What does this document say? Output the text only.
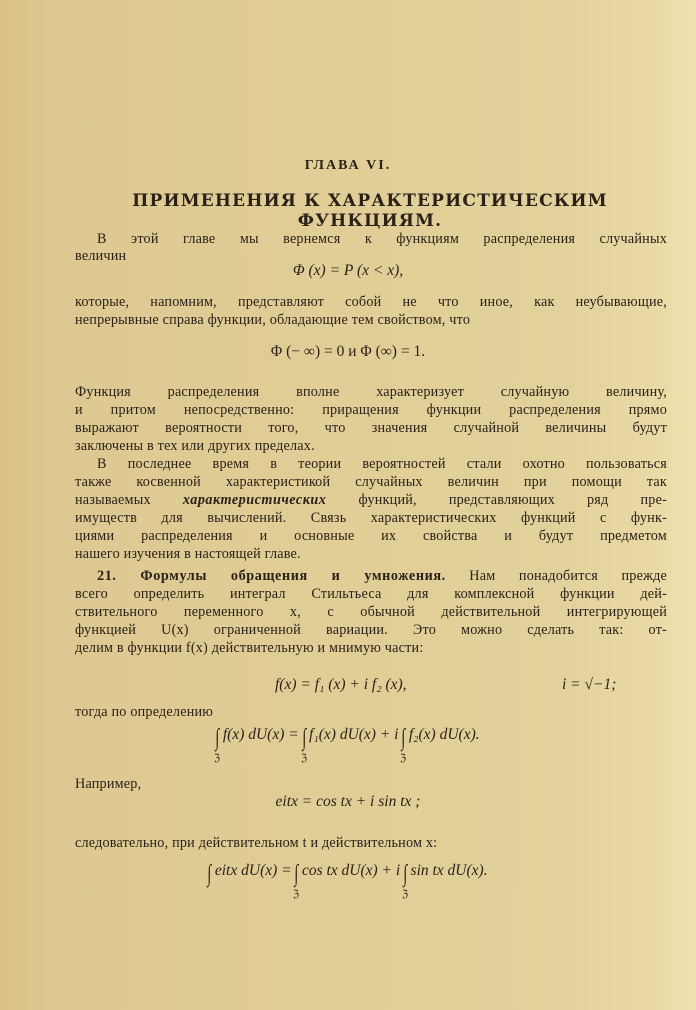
ГЛАВА VI.
ПРИМЕНЕНИЯ К ХАРАКТЕРИСТИЧЕСКИМ ФУНКЦИЯМ.
В этой главе мы вернемся к функциям распределения случайных
величин
Φ (x) = P (x < x),
которые, напомним, представляют собой не что иное, как неубывающие,
непрерывные справа функции, обладающие тем свойством, что
Φ (− ∞) = 0 и Φ (∞) = 1.
Функция распределения вполне характеризует случайную величину,
и притом непосредственно: приращения функции распределения прямо
выражают вероятности того, что значения случайной величины будут
заключены в тех или других пределах.
В последнее время в теории вероятностей стали охотно пользоваться
также косвенной характеристикой случайных величин при помощи так
называемых характеристических функций, представляющих ряд пре-
имуществ для вычислений. Связь характеристических функций с функ-
циями распределения и основные их свойства и будут предметом
нашего изучения в настоящей главе.
21. Формулы обращения и умножения. Нам понадобится прежде
всего определить интеграл Стильтьеса для комплексной функции дей-
ствительного переменного x, с обычной действительной интегрирующей
функцией U(x) ограниченной вариации. Это можно сделать так: от-
делим в функции f(x) действительную и мнимую части:
f(x) = f₁ (x) + i f₂ (x),	i = √−1;
тогда по определению
∫
ℨ
f(x) dU(x) = ∫
ℨ
f₁(x) dU(x) + i ∫
ℨ
f₂(x) dU(x).
Например,
eitx = cos tx + i sin tx ;
следовательно, при действительном t и действительном x:
∫ eitx dU(x) = ∫
ℨ
cos tx dU(x) + i ∫
ℨ
sin tx dU(x).
